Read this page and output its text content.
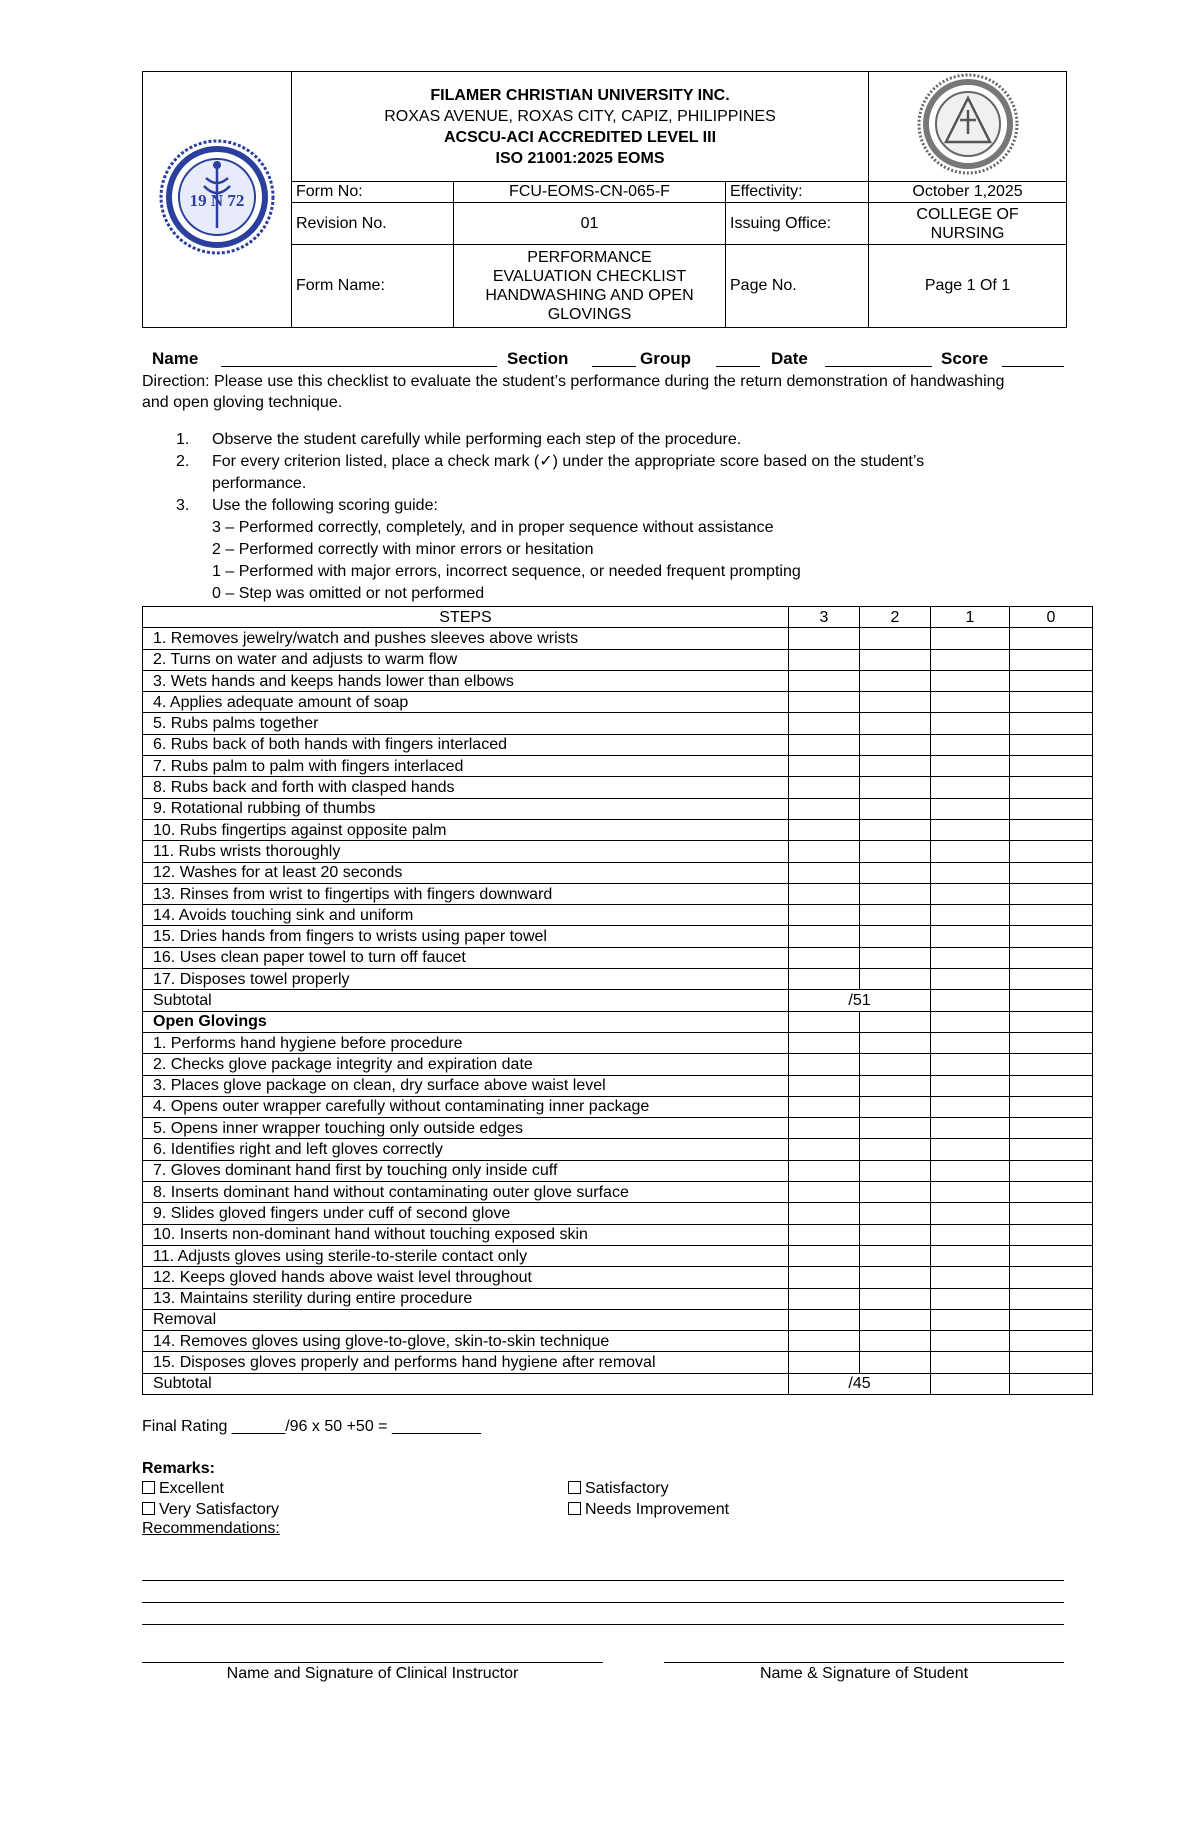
19 N 72	FILAMER CHRISTIAN UNIVERSITY INC.
ROXAS AVENUE, ROXAS CITY, CAPIZ, PHILIPPINES
ACSCU-ACI ACCREDITED LEVEL III
ISO 21001:2025 EOMS

	Form No:	FCU-EOMS-CN-065-F	Effectivity:	October 1,2025
	Revision No.	01	Issuing Office:	COLLEGE OF
NURSING

	Form Name:	PERFORMANCE
EVALUATION CHECKLIST
HANDWASHING AND OPEN
GLOVINGS	Page No.	Page 1 Of 1
Name	Section	Group	Date	Score
Direction: Please use this checklist to evaluate the student’s performance during the return demonstration of handwashing and open gloving technique.
1. Observe the student carefully while performing each step of the procedure.
2. For every criterion listed, place a check mark (✓) under the appropriate score based on the student’s performance.
3. Use the following scoring guide:
3 – Performed correctly, completely, and in proper sequence without assistance
2 – Performed correctly with minor errors or hesitation
1 – Performed with major errors, incorrect sequence, or needed frequent prompting
0 – Step was omitted or not performed
STEPS	3	2	1	0
1. Removes jewelry/watch and pushes sleeves above wrists				
2. Turns on water and adjusts to warm flow				
3. Wets hands and keeps hands lower than elbows				
4. Applies adequate amount of soap				
5. Rubs palms together				
6. Rubs back of both hands with fingers interlaced				
7. Rubs palm to palm with fingers interlaced				
8. Rubs back and forth with clasped hands				
9. Rotational rubbing of thumbs				
10. Rubs fingertips against opposite palm				
11. Rubs wrists thoroughly				
12. Washes for at least 20 seconds				
13. Rinses from wrist to fingertips with fingers downward				
14. Avoids touching sink and uniform				
15. Dries hands from fingers to wrists using paper towel				
16. Uses clean paper towel to turn off faucet				
17. Disposes towel properly				
Subtotal	/51			
Open Glovings				
1. Performs hand hygiene before procedure				
2. Checks glove package integrity and expiration date				
3. Places glove package on clean, dry surface above waist level				
4. Opens outer wrapper carefully without contaminating inner package				
5. Opens inner wrapper touching only outside edges				
6. Identifies right and left gloves correctly				
7. Gloves dominant hand first by touching only inside cuff				
8. Inserts dominant hand without contaminating outer glove surface				
9. Slides gloved fingers under cuff of second glove				
10. Inserts non-dominant hand without touching exposed skin				
11. Adjusts gloves using sterile-to-sterile contact only				
12. Keeps gloved hands above waist level throughout				
13. Maintains sterility during entire procedure				
Removal				
14. Removes gloves using glove-to-glove, skin-to-skin technique				
15. Disposes gloves properly and performs hand hygiene after removal				
Subtotal	/45			
Final Rating ______/96 x 50 +50 = __________
Remarks:
Excellent
Very Satisfactory
Satisfactory
Needs Improvement
Recommendations:
Name and Signature of Clinical Instructor	Name & Signature of Student
